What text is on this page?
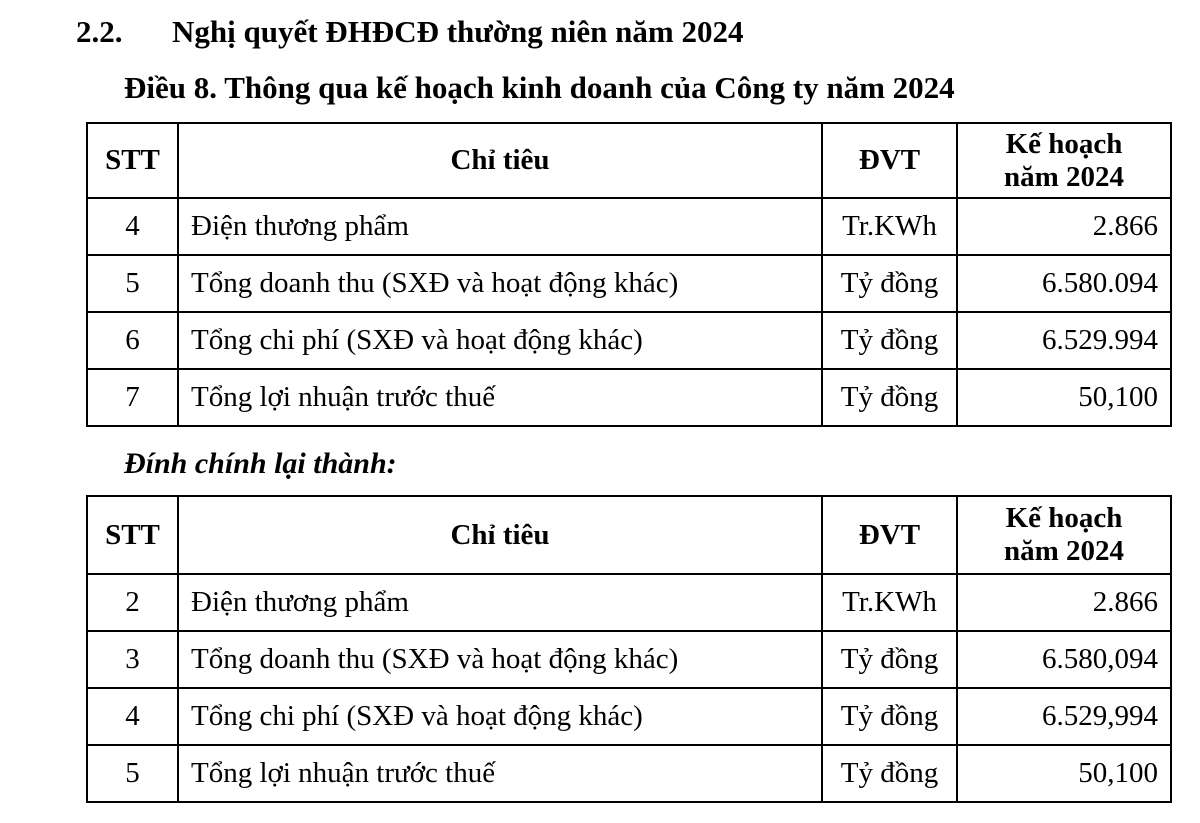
2.2. Nghị quyết ĐHĐCĐ thường niên năm 2024
Điều 8. Thông qua kế hoạch kinh doanh của Công ty năm 2024
STT	Chỉ tiêu	ĐVT	Kế hoạch
năm 2024
4	Điện thương phẩm	Tr.KWh	2.866
5	Tổng doanh thu (SXĐ và hoạt động khác)	Tỷ đồng	6.580.094
6	Tổng chi phí (SXĐ và hoạt động khác)	Tỷ đồng	6.529.994
7	Tổng lợi nhuận trước thuế	Tỷ đồng	50,100
Đính chính lại thành:
STT	Chỉ tiêu	ĐVT	Kế hoạch
năm 2024
2	Điện thương phẩm	Tr.KWh	2.866
3	Tổng doanh thu (SXĐ và hoạt động khác)	Tỷ đồng	6.580,094
4	Tổng chi phí (SXĐ và hoạt động khác)	Tỷ đồng	6.529,994
5	Tổng lợi nhuận trước thuế	Tỷ đồng	50,100
